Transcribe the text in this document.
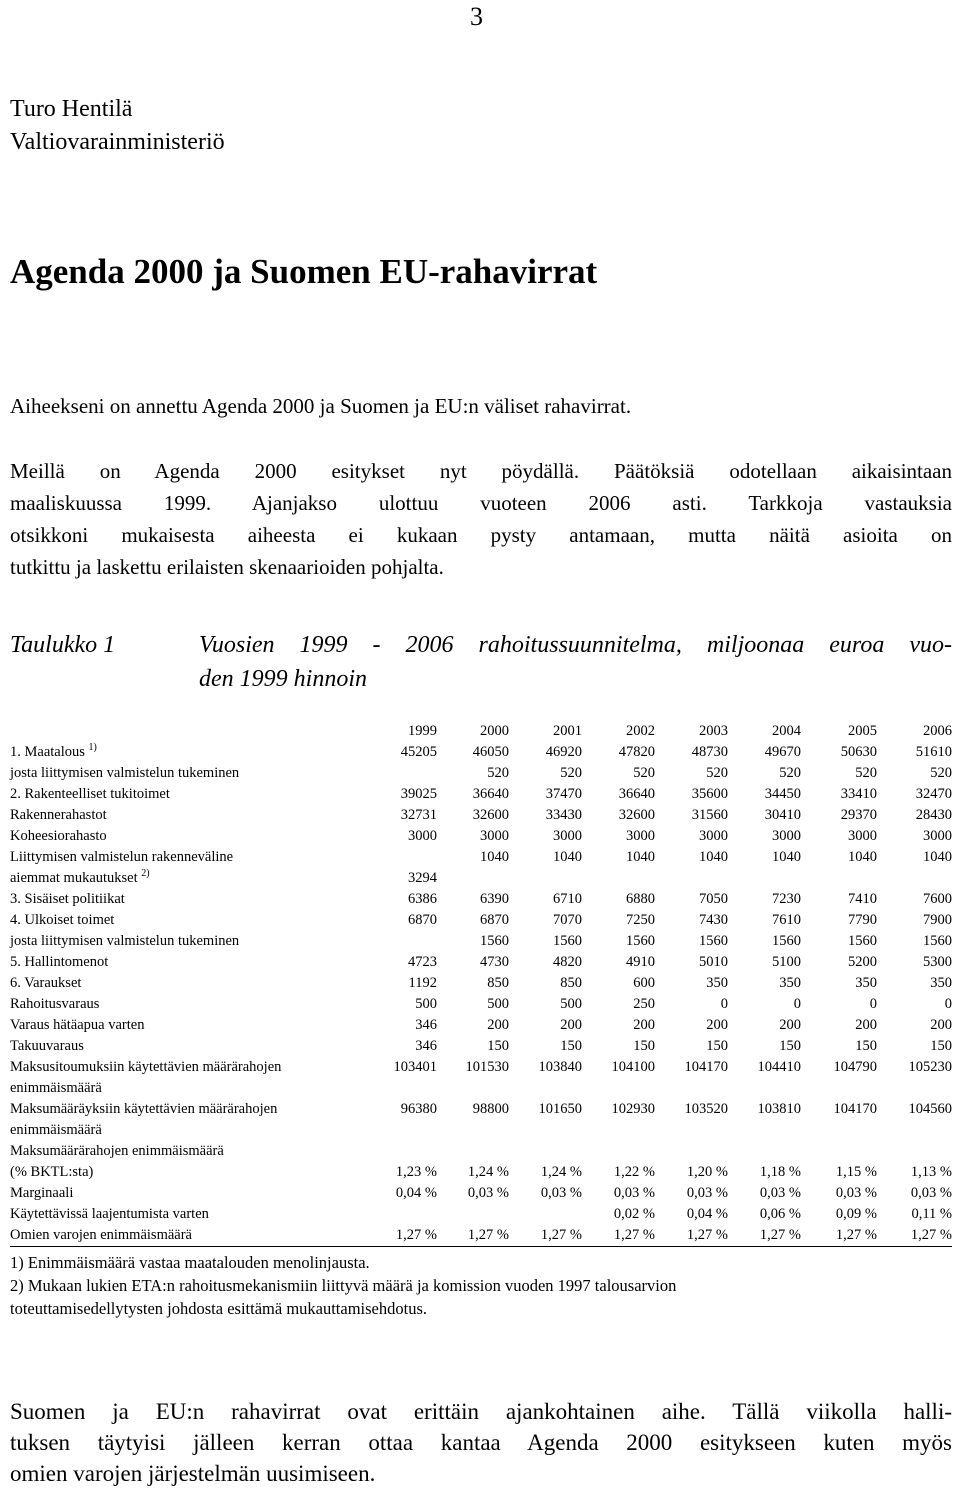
3
Turo Hentilä
Valtiovarainministeriö
Agenda 2000 ja Suomen EU-rahavirrat

Aiheekseni on annettu Agenda 2000 ja Suomen ja EU:n väliset rahavirrat.

Meillä on Agenda 2000 esitykset nyt pöydällä. Päätöksiä odotellaan aikaisintaan

maaliskuussa 1999. Ajanjakso ulottuu vuoteen 2006 asti. Tarkkoja vastauksia

otsikkoni mukaisesta aiheesta ei kukaan pysty antamaan, mutta näitä asioita on

tutkittu ja laskettu erilaisten skenaarioiden pohjalta.

Taulukko 1	Vuosien 1999 - 2006 rahoitussuunnitelma, miljoonaa euroa vuo-
den 1999 hinnoin
	1999	2000	2001	2002	2003	2004	2005	2006
1. Maatalous $^{1)}$	45205	46050	46920	47820	48730	49670	50630	51610
josta liittymisen valmistelun tukeminen		520	520	520	520	520	520	520
2. Rakenteelliset tukitoimet	39025	36640	37470	36640	35600	34450	33410	32470
Rakennerahastot	32731	32600	33430	32600	31560	30410	29370	28430
Koheesiorahasto	3000	3000	3000	3000	3000	3000	3000	3000
Liittymisen valmistelun rakenneväline		1040	1040	1040	1040	1040	1040	1040
aiemmat mukautukset $^{2)}$	3294							
3. Sisäiset politiikat	6386	6390	6710	6880	7050	7230	7410	7600
4. Ulkoiset toimet	6870	6870	7070	7250	7430	7610	7790	7900
josta liittymisen valmistelun tukeminen		1560	1560	1560	1560	1560	1560	1560
5. Hallintomenot	4723	4730	4820	4910	5010	5100	5200	5300
6. Varaukset	1192	850	850	600	350	350	350	350
Rahoitusvaraus	500	500	500	250	0	0	0	0
Varaus hätäapua varten	346	200	200	200	200	200	200	200
Takuuvaraus	346	150	150	150	150	150	150	150
Maksusitoumuksiin käytettävien määrärahojen	103401	101530	103840	104100	104170	104410	104790	105230
enimmäismäärä								
Maksumääräyksiin käytettävien määrärahojen	96380	98800	101650	102930	103520	103810	104170	104560
enimmäismäärä								
Maksumäärärahojen enimmäismäärä								
(% BKTL:sta)	1,23 %	1,24 %	1,24 %	1,22 %	1,20 %	1,18 %	1,15 %	1,13 %
Marginaali	0,04 %	0,03 %	0,03 %	0,03 %	0,03 %	0,03 %	0,03 %	0,03 %
Käytettävissä laajentumista varten				0,02 %	0,04 %	0,06 %	0,09 %	0,11 %
Omien varojen enimmäismäärä	1,27 %	1,27 %	1,27 %	1,27 %	1,27 %	1,27 %	1,27 %	1,27 %

1) Enimmäismäärä vastaa maatalouden menolinjausta.

2) Mukaan lukien ETA:n rahoitusmekanismiin liittyvä määrä ja komission vuoden 1997 talousarvion

toteuttamisedellytysten johdosta esittämä mukauttamisehdotus.

Suomen ja EU:n rahavirrat ovat erittäin ajankohtainen aihe. Tällä viikolla halli-
tuksen täytyisi jälleen kerran ottaa kantaa Agenda 2000 esitykseen kuten myös
omien varojen järjestelmän uusimiseen.
